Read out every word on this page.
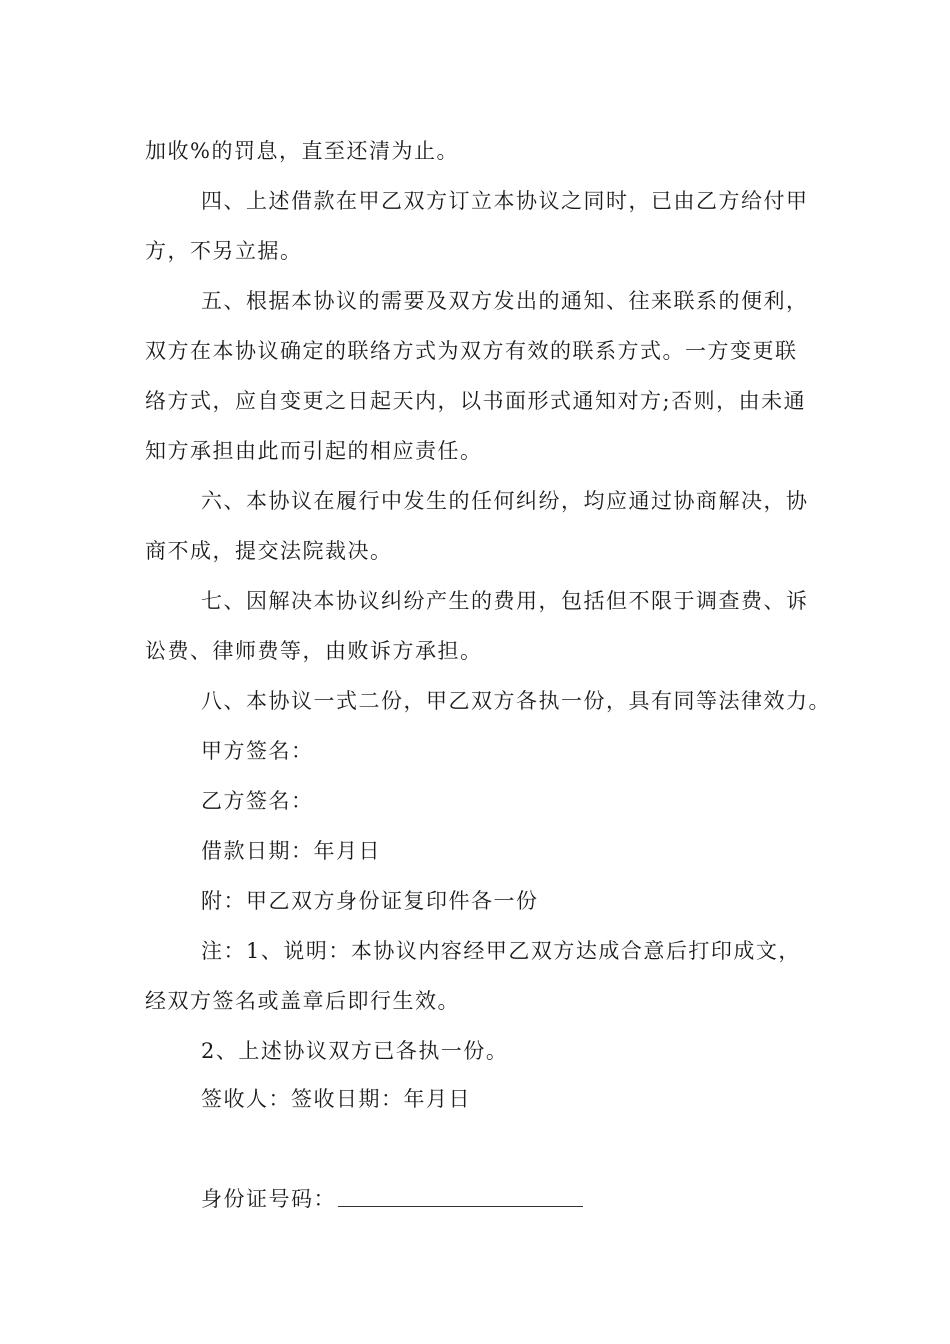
加收%的罚息，直至还清为止。

四、上述借款在甲乙双方订立本协议之同时，已由乙方给付甲

方，不另立据。

五、根据本协议的需要及双方发出的通知、往来联系的便利，

双方在本协议确定的联络方式为双方有效的联系方式。一方变更联

络方式，应自变更之日起天内，以书面形式通知对方;否则，由未通

知方承担由此而引起的相应责任。

六、本协议在履行中发生的任何纠纷，均应通过协商解决，协

商不成，提交法院裁决。

七、因解决本协议纠纷产生的费用，包括但不限于调查费、诉

讼费、律师费等，由败诉方承担。

八、本协议一式二份，甲乙双方各执一份，具有同等法律效力。

甲方签名：

乙方签名：

借款日期：年月日

附：甲乙双方身份证复印件各一份

注：1、说明：本协议内容经甲乙双方达成合意后打印成文，

经双方签名或盖章后即行生效。

2、上述协议双方已各执一份。

签收人：签收日期：年月日

身份证号码：
